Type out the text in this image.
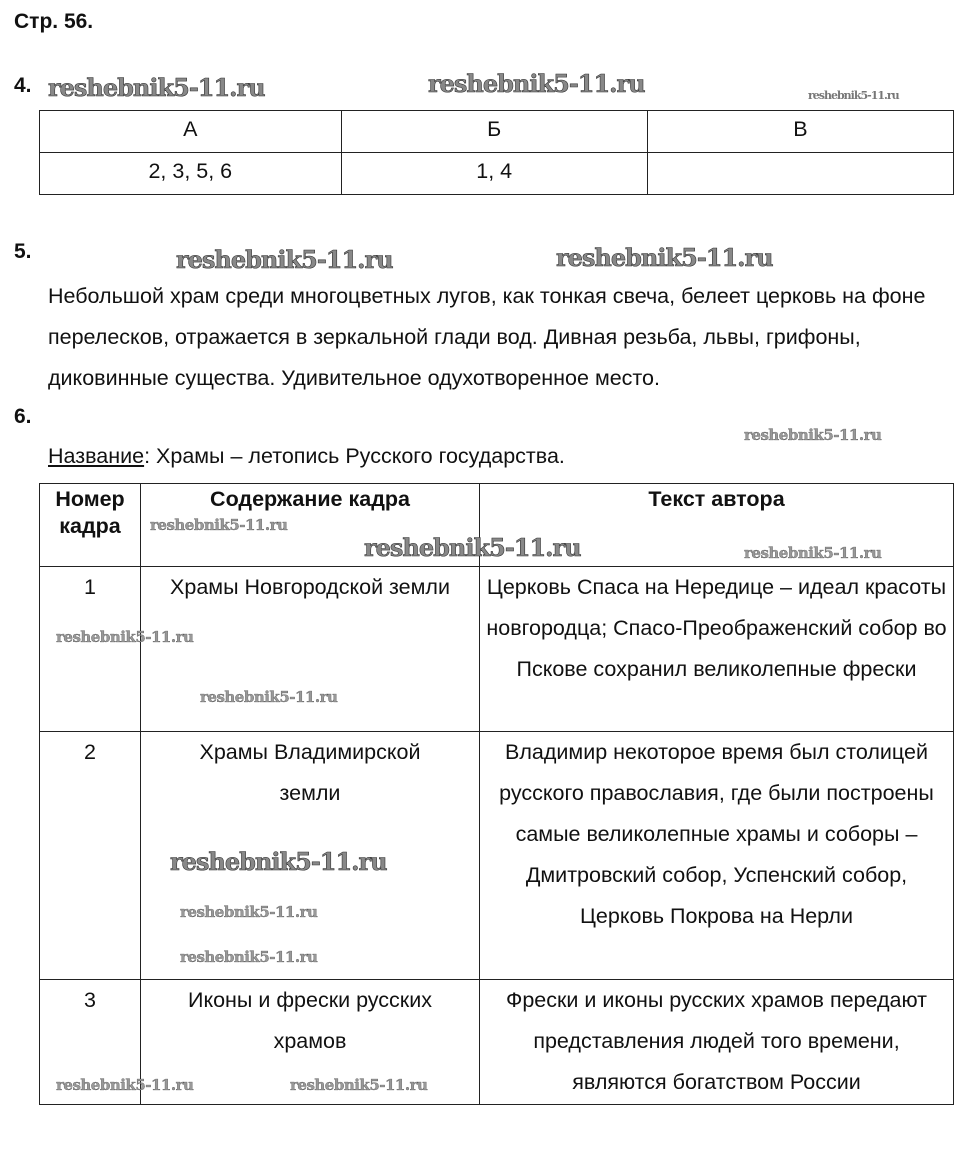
Стр. 56.
4.
А	Б	В
2, 3, 5, 6	1, 4	
5.
Небольшой храм среди многоцветных лугов, как тонкая свеча, белеет церковь на фоне перелесков, отражается в зеркальной глади вод. Дивная резьба, львы, грифоны, диковинные существа. Удивительное одухотворенное место.
6.
Название: Храмы – летопись Русского государства.
Номер кадра	Содержание кадра	Текст автора
1	Храмы Новгородской земли	Церковь Спаса на Нередице – идеал красоты новгородца; Спасо-Преображенский собор во Пскове сохранил великолепные фрески
2	Храмы Владимирской земли	Владимир некоторое время был столицей русского православия, где были построены самые великолепные храмы и соборы – Дмитровский собор, Успенский собор, Церковь Покрова на Нерли
3	Иконы и фрески русских храмов	Фрески и иконы русских храмов передают представления людей того времени, являются богатством России
reshebnik5-11.ru	reshebnik5-11.ru	reshebnik5-11.ru
reshebnik5-11.ru	reshebnik5-11.ru
reshebnik5-11.ru
reshebnik5-11.ru
reshebnik5-11.ru	reshebnik5-11.ru
reshebnik5-11.ru
reshebnik5-11.ru
reshebnik5-11.ru
reshebnik5-11.ru
reshebnik5-11.ru
reshebnik5-11.ru	reshebnik5-11.ru
